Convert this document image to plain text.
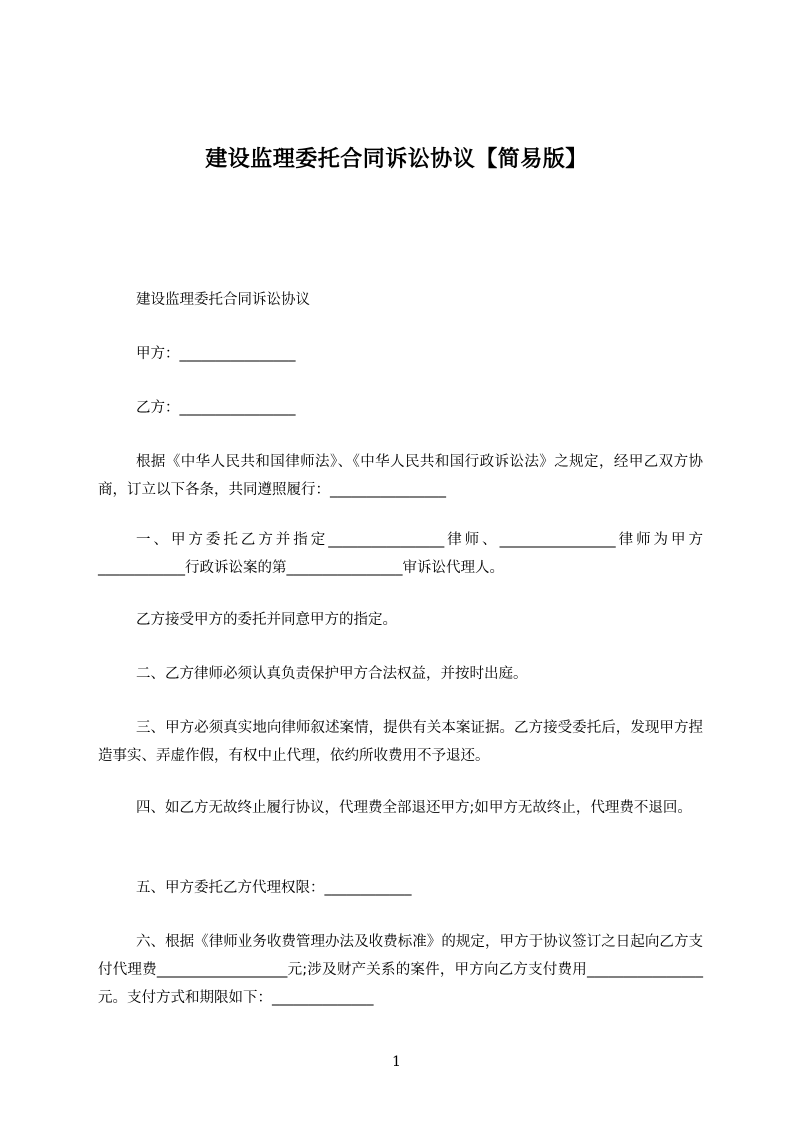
建设监理委托合同诉讼协议【简易版】
建设监理委托合同诉讼协议
甲方：________________
乙方：________________
根据《中华人民共和国律师法》、《中华人民共和国行政诉讼法》之规定，经甲乙双方协商，订立以下各条，共同遵照履行：________________
一、甲方委托乙方并指定________________律师、________________律师为甲方____________行政诉讼案的第________________审诉讼代理人。
乙方接受甲方的委托并同意甲方的指定。
二、乙方律师必须认真负责保护甲方合法权益，并按时出庭。
三、甲方必须真实地向律师叙述案情，提供有关本案证据。乙方接受委托后，发现甲方捏造事实、弄虚作假，有权中止代理，依约所收费用不予退还。
四、如乙方无故终止履行协议，代理费全部退还甲方;如甲方无故终止，代理费不退回。
五、甲方委托乙方代理权限：____________
六、根据《律师业务收费管理办法及收费标准》的规定，甲方于协议签订之日起向乙方支付代理费__________________元;涉及财产关系的案件，甲方向乙方支付费用________________元。支付方式和期限如下：______________
1
